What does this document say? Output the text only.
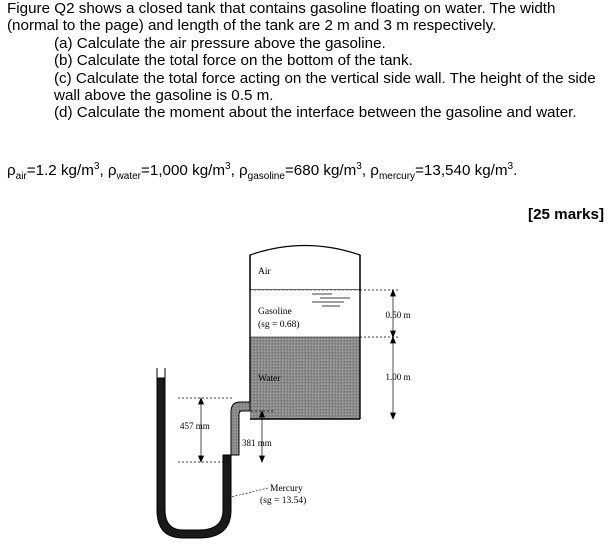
Figure Q2 shows a closed tank that contains gasoline floating on water. The width (normal to the page) and length of the tank are 2 m and 3 m respectively.

(a) Calculate the air pressure above the gasoline.

(b) Calculate the total force on the bottom of the tank.

(c) Calculate the total force acting on the vertical side wall. The height of the side wall above the gasoline is 0.5 m.

(d) Calculate the moment about the interface between the gasoline and water.

$\rho_{air}=1.2$ $kg/m^3$, $\rho_{water}=1,000$ $kg/m^3$, $\rho_{gasoline}=680$ $kg/m^3$, $\rho_{mercury}=13,540$ $kg/m^3$.
[25 marks]
0.50 m
1.00 m
457 mm
381 mm
Air
Gasoline
(sg = 0.68)
Water
Mercury
(sg = 13.54)
